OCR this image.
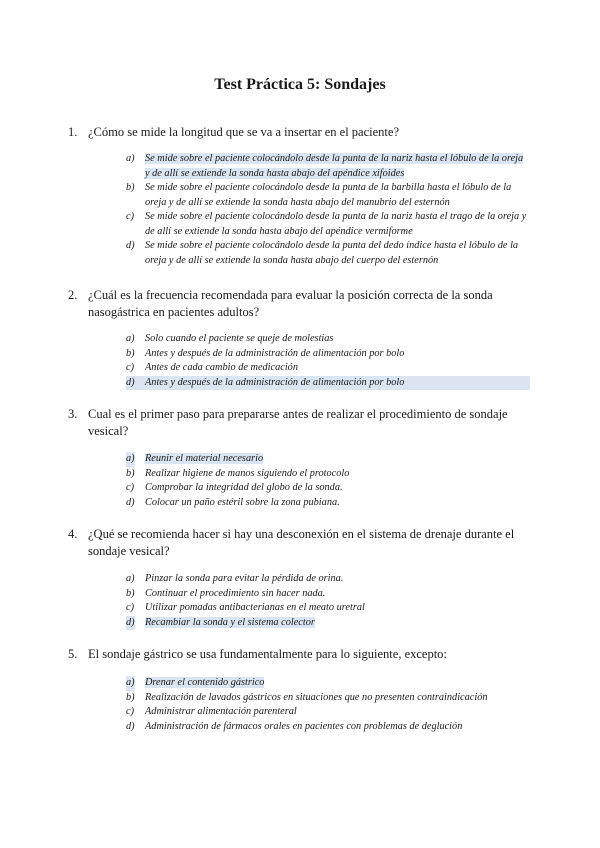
Test Práctica 5: Sondajes
1. ¿Cómo se mide la longitud que se va a insertar en el paciente?
a) Se mide sobre el paciente colocándolo desde la punta de la nariz hasta el lóbulo de la oreja y de allí se extiende la sonda hasta abajo del apéndice xifoides
b) Se mide sobre el paciente colocándolo desde la punta de la barbilla hasta el lóbulo de la oreja y de allí se extiende la sonda hasta abajo del manubrio del esternón
c) Se mide sobre el paciente colocándolo desde la punta de la nariz hasta el trago de la oreja y de allí se extiende la sonda hasta abajo del apéndice vermiforme
d) Se mide sobre el paciente colocándolo desde la punta del dedo índice hasta el lóbulo de la oreja y de allí se extiende la sonda hasta abajo del cuerpo del esternón
2. ¿Cuál es la frecuencia recomendada para evaluar la posición correcta de la sonda nasogástrica en pacientes adultos?
a) Solo cuando el paciente se queje de molestias
b) Antes y después de la administración de alimentación por bolo
c) Antes de cada cambio de medicación
d) Antes y después de la administración de alimentación por bolo
3. Cual es el primer paso para prepararse antes de realizar el procedimiento de sondaje vesical?
a) Reunir el material necesario
b) Realizar higiene de manos siguiendo el protocolo
c) Comprobar la integridad del globo de la sonda.
d) Colocar un paño estéril sobre la zona pubiana.
4. ¿Qué se recomienda hacer si hay una desconexión en el sistema de drenaje durante el sondaje vesical?
a) Pinzar la sonda para evitar la pérdida de orina.
b) Continuar el procedimiento sin hacer nada.
c) Utilizar pomadas antibacterianas en el meato uretral
d) Recambiar la sonda y el sistema colector
5. El sondaje gástrico se usa fundamentalmente para lo siguiente, excepto:
a) Drenar el contenido gástrico
b) Realización de lavados gástricos en situaciones que no presenten contraindicación
c) Administrar alimentación parenteral
d) Administración de fármacos orales en pacientes con problemas de deglución
